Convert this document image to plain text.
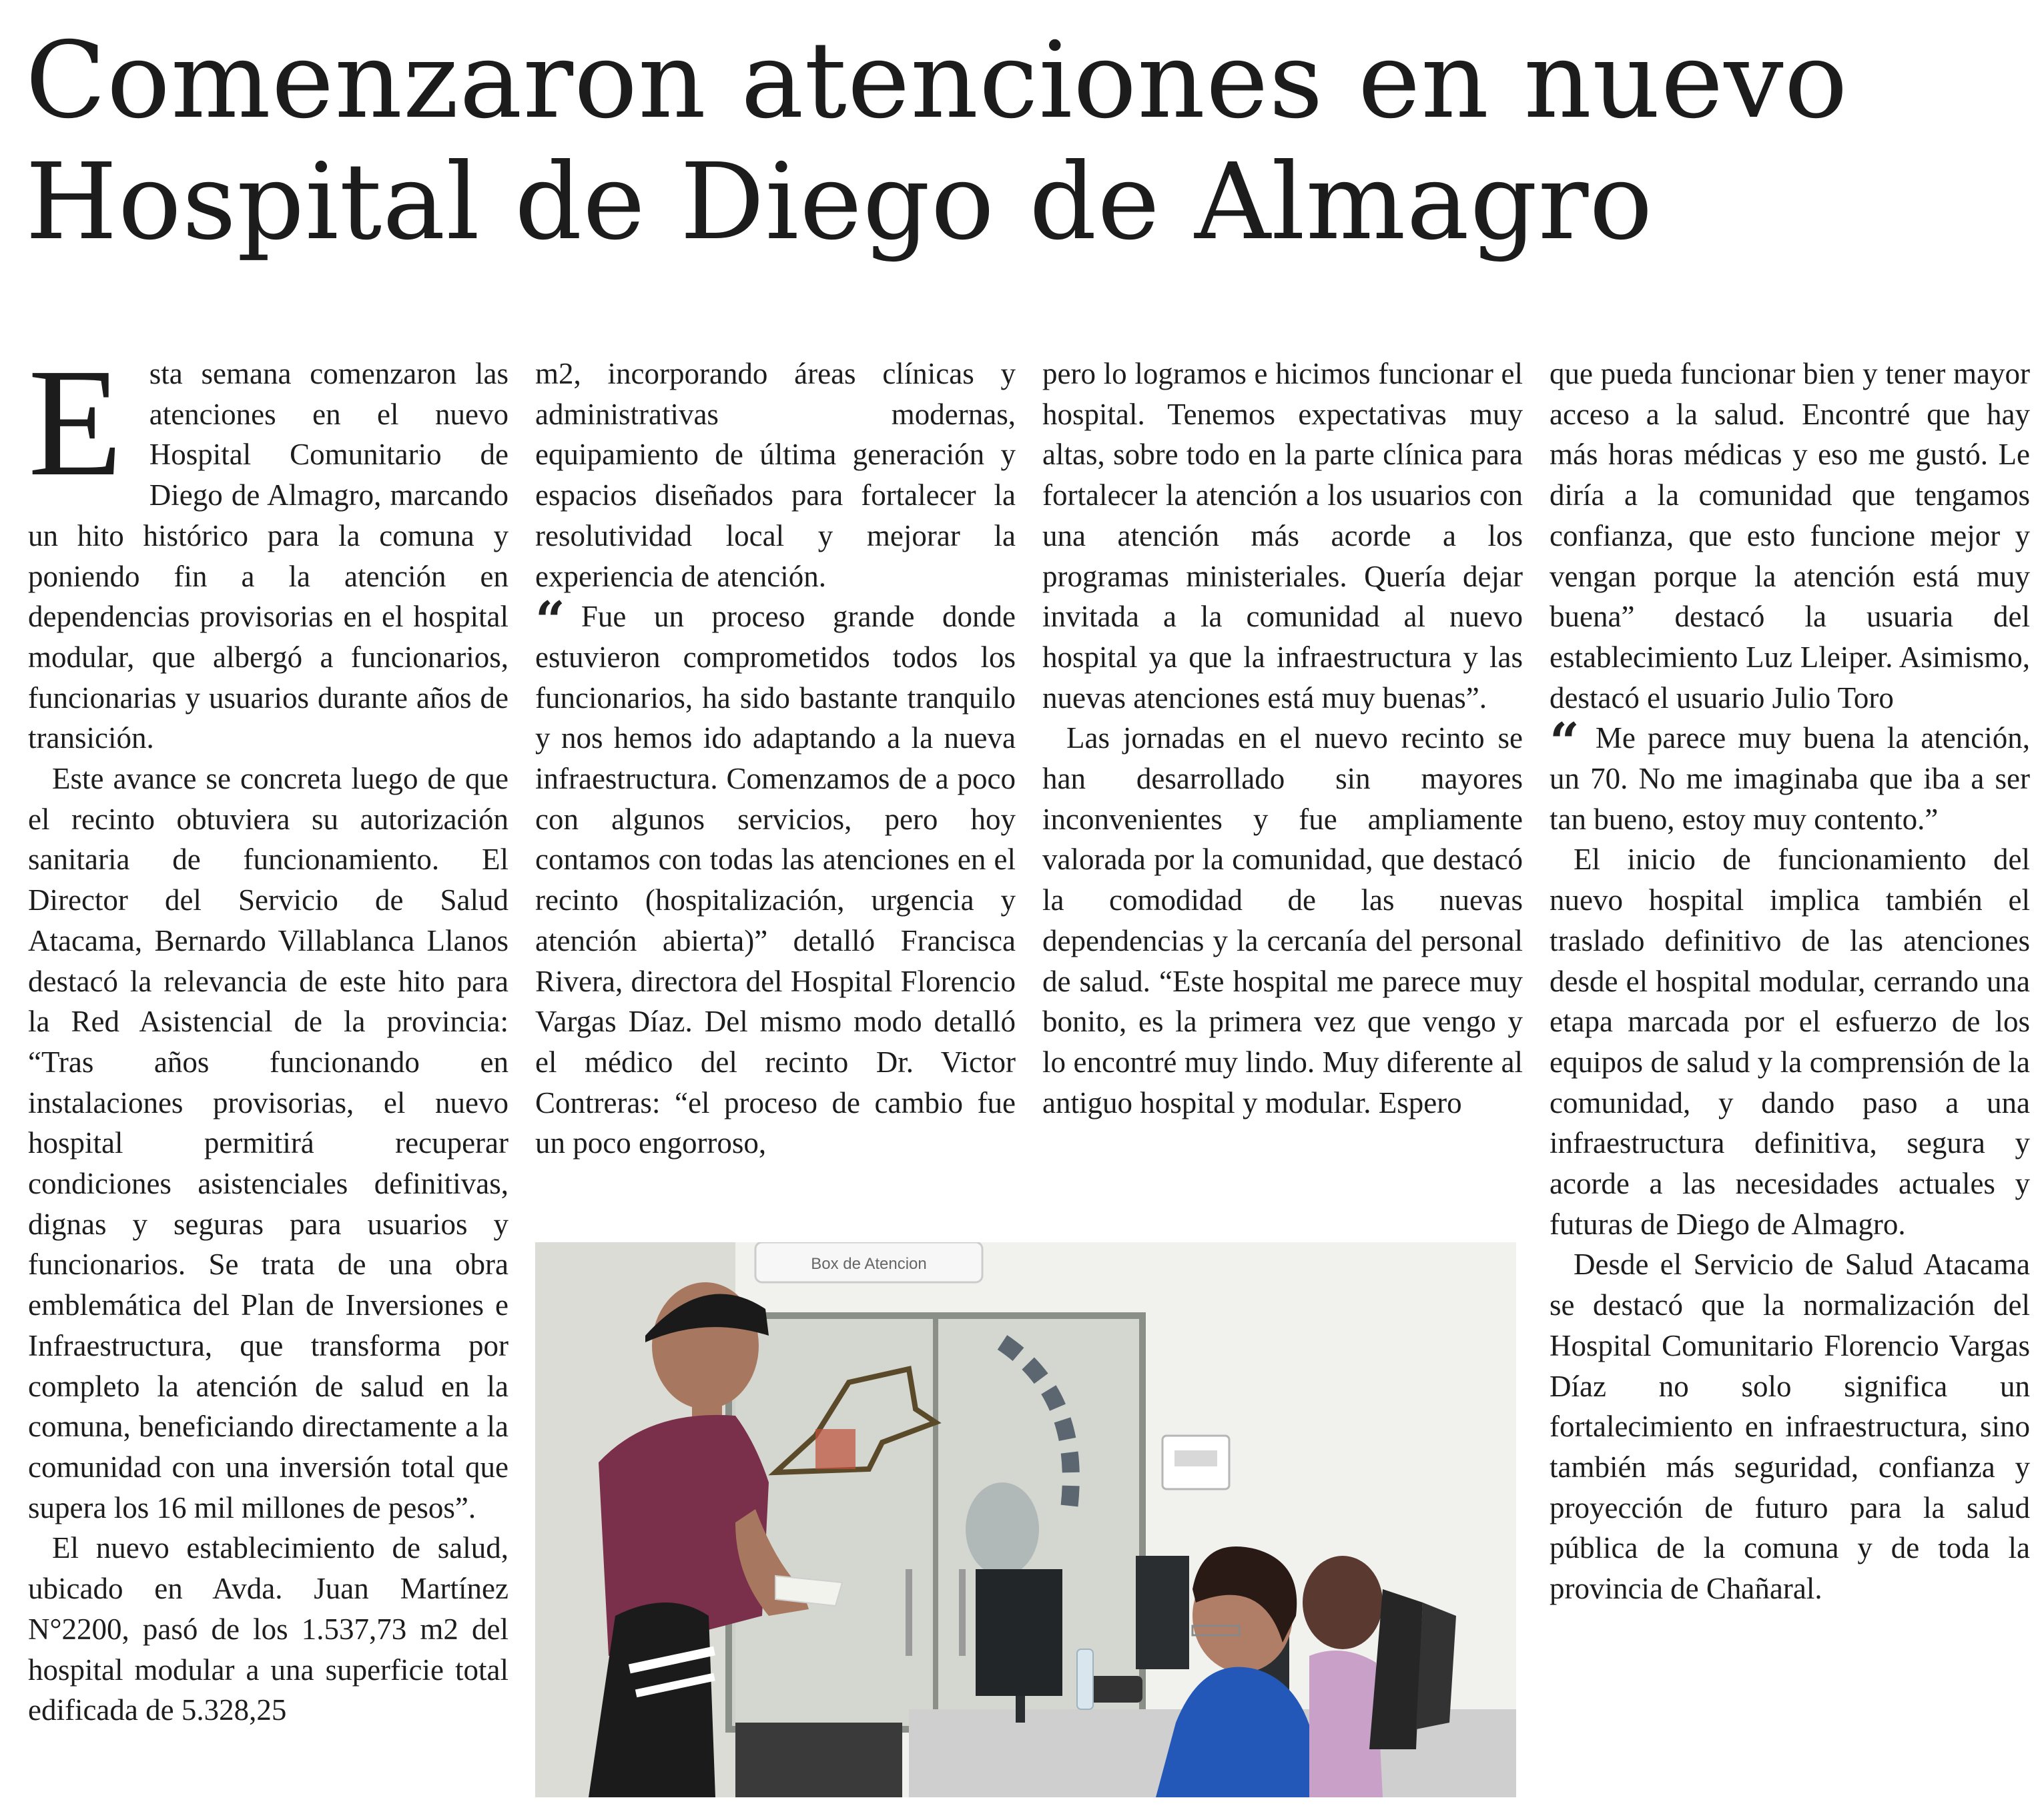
Comenzaron atenciones en nuevo Hospital de Diego de Almagro

Esta semana comenzaron las atenciones en el nuevo Hospital Comunitario de Diego de Almagro, marcando un hito histórico para la comuna y poniendo fin a la atención en dependencias provisorias en el hospital modular, que albergó a funcionarios, funcionarias y usuarios durante años de transición.

Este avance se concreta luego de que el recinto obtuviera su autorización sanitaria de funcionamiento. El Director del Servicio de Salud Atacama, Bernardo Villablanca Llanos destacó la relevancia de este hito para la Red Asistencial de la provincia: “Tras años funcionando en instalaciones provisorias, el nuevo hospital permitirá recuperar condiciones asistenciales definitivas, dignas y seguras para usuarios y funcionarios. Se trata de una obra emblemática del Plan de Inversiones e Infraestructura, que transforma por completo la atención de salud en la comuna, beneficiando directamente a la comunidad con una inversión total que supera los 16 mil millones de pesos”.

El nuevo establecimiento de salud, ubicado en Avda. Juan Martínez N°2200, pasó de los 1.537,73 m2 del hospital modular a una superficie total edificada de 5.328,25

m2, incorporando áreas clínicas y administrativas modernas, equipamiento de última generación y espacios diseñados para fortalecer la resolutividad local y mejorar la experiencia de atención.

“ Fue un proceso grande donde estuvieron comprometidos todos los funcionarios, ha sido bastante tranquilo y nos hemos ido adaptando a la nueva infraestructura. Comenzamos de a poco con algunos servicios, pero hoy contamos con todas las atenciones en el recinto (hospitalización, urgencia y atención abierta)” detalló Francisca Rivera, directora del Hospital Florencio Vargas Díaz. Del mismo modo detalló el médico del recinto Dr. Victor Contreras: “el proceso de cambio fue un poco engorroso,

pero lo logramos e hicimos funcionar el hospital. Tenemos expectativas muy altas, sobre todo en la parte clínica para fortalecer la atención a los usuarios con una atención más acorde a los programas ministeriales. Quería dejar invitada a la comunidad al nuevo hospital ya que la infraestructura y las nuevas atenciones está muy buenas”.

Las jornadas en el nuevo recinto se han desarrollado sin mayores inconvenientes y fue ampliamente valorada por la comunidad, que destacó la comodidad de las nuevas dependencias y la cercanía del personal de salud. “Este hospital me parece muy bonito, es la primera vez que vengo y lo encontré muy lindo. Muy diferente al antiguo hospital y modular. Espero

que pueda funcionar bien y tener mayor acceso a la salud. Encontré que hay más horas médicas y eso me gustó. Le diría a la comunidad que tengamos confianza, que esto funcione mejor y vengan porque la atención está muy buena” destacó la usuaria del establecimiento Luz Lleiper. Asimismo, destacó el usuario Julio Toro

“ Me parece muy buena la atención, un 70. No me imaginaba que iba a ser tan bueno, estoy muy contento.”

El inicio de funcionamiento del nuevo hospital implica también el traslado definitivo de las atenciones desde el hospital modular, cerrando una etapa marcada por el esfuerzo de los equipos de salud y la comprensión de la comunidad, y dando paso a una infraestructura definitiva, segura y acorde a las necesidades actuales y futuras de Diego de Almagro.

Desde el Servicio de Salud Atacama se destacó que la normalización del Hospital Comunitario Florencio Vargas Díaz no solo significa un fortalecimiento en infraestructura, sino también más seguridad, confianza y proyección de futuro para la salud pública de la comuna y de toda la provincia de Chañaral.

Box de Atencion
